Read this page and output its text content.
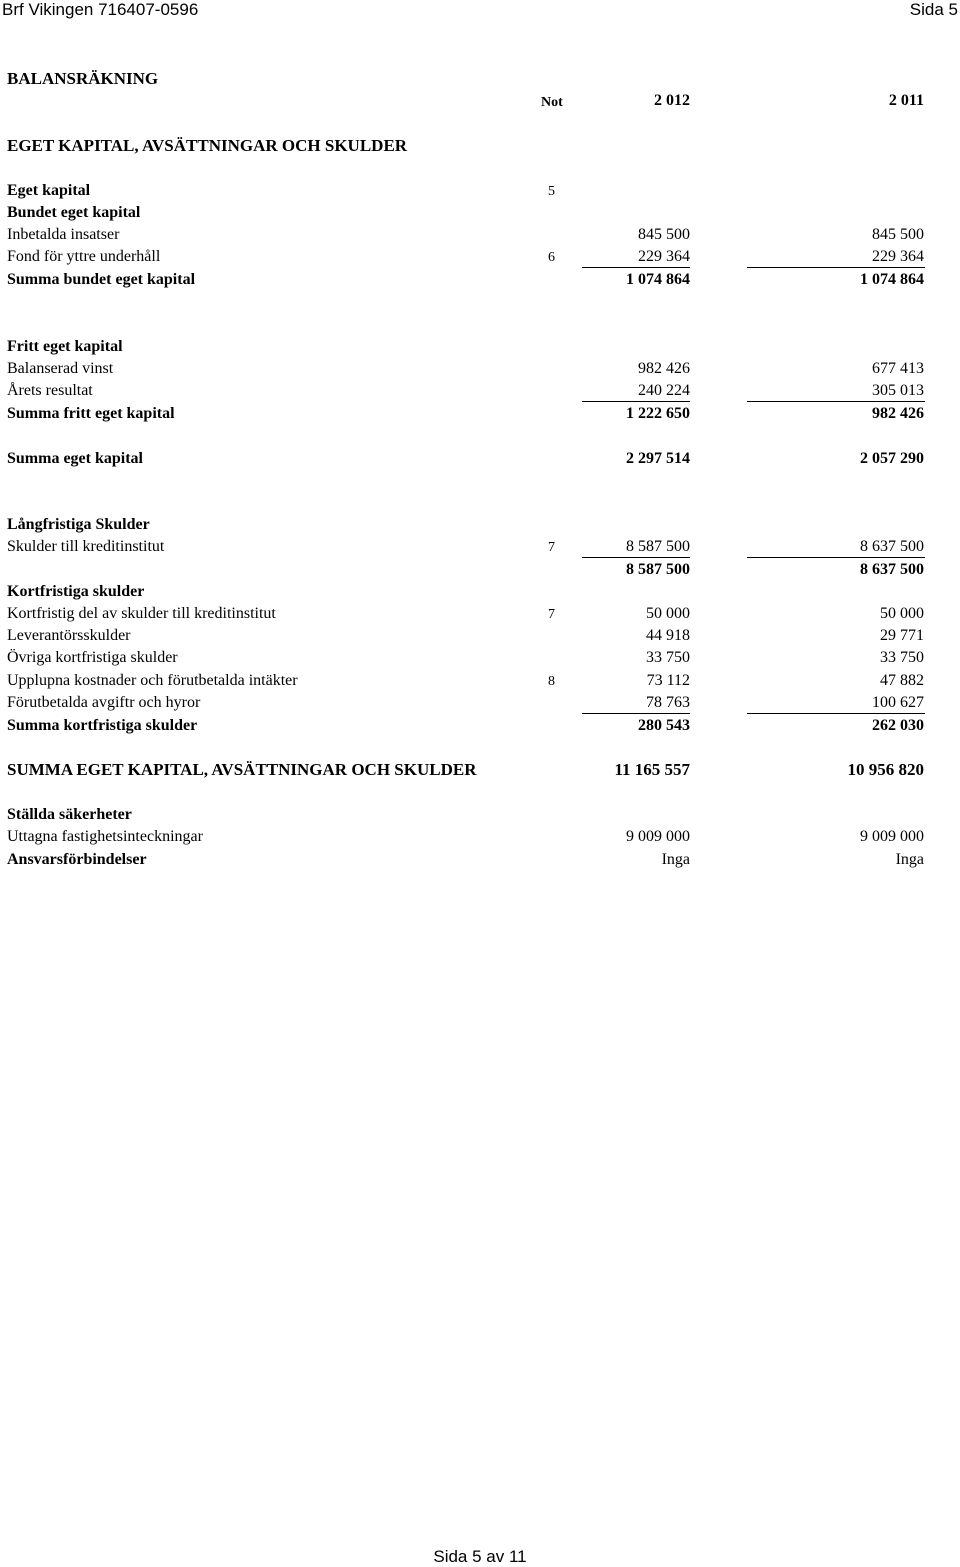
Brf Vikingen 716407-0596	Sida 5
BALANSRÄKNING
Not	2 012	2 011
EGET KAPITAL, AVSÄTTNINGAR OCH SKULDER
Eget kapital	5
Bundet eget kapital
Inbetalda insatser	845 500	845 500
Fond för yttre underhåll	6	229 364	229 364
Summa bundet eget kapital	1 074 864	1 074 864
Fritt eget kapital
Balanserad vinst	982 426	677 413
Årets resultat	240 224	305 013
Summa fritt eget kapital	1 222 650	982 426
Summa eget kapital	2 297 514	2 057 290
Långfristiga Skulder
Skulder till kreditinstitut	7	8 587 500	8 637 500
8 587 500	8 637 500
Kortfristiga skulder
Kortfristig del av skulder till kreditinstitut	7	50 000	50 000
Leverantörsskulder	44 918	29 771
Övriga kortfristiga skulder	33 750	33 750
Upplupna kostnader och förutbetalda intäkter	8	73 112	47 882
Förutbetalda avgiftr och hyror	78 763	100 627
Summa kortfristiga skulder	280 543	262 030
SUMMA EGET KAPITAL, AVSÄTTNINGAR OCH SKULDER	11 165 557	10 956 820
Ställda säkerheter
Uttagna fastighetsinteckningar	9 009 000	9 009 000
Ansvarsförbindelser	Inga	Inga
Sida 5 av 11
